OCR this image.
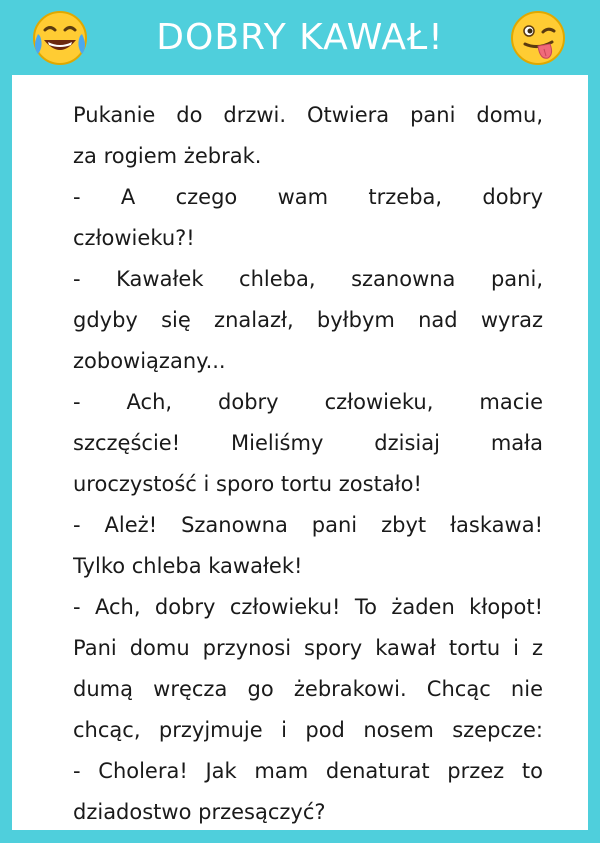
DOBRY KAWAŁ!
Pukanie do drzwi. Otwiera pani domu,
za rogiem żebrak.
- A czego wam trzeba, dobry
człowieku?!
- Kawałek chleba, szanowna pani,
gdyby się znalazł, byłbym nad wyraz
zobowiązany...
- Ach, dobry człowieku, macie
szczęście! Mieliśmy dzisiaj mała
uroczystość i sporo tortu zostało!
- Ależ! Szanowna pani zbyt łaskawa!
Tylko chleba kawałek!
- Ach, dobry człowieku! To żaden kłopot!
Pani domu przynosi spory kawał tortu i z
dumą wręcza go żebrakowi. Chcąc nie
chcąc, przyjmuje i pod nosem szepcze:
- Cholera! Jak mam denaturat przez to
dziadostwo przesączyć?
